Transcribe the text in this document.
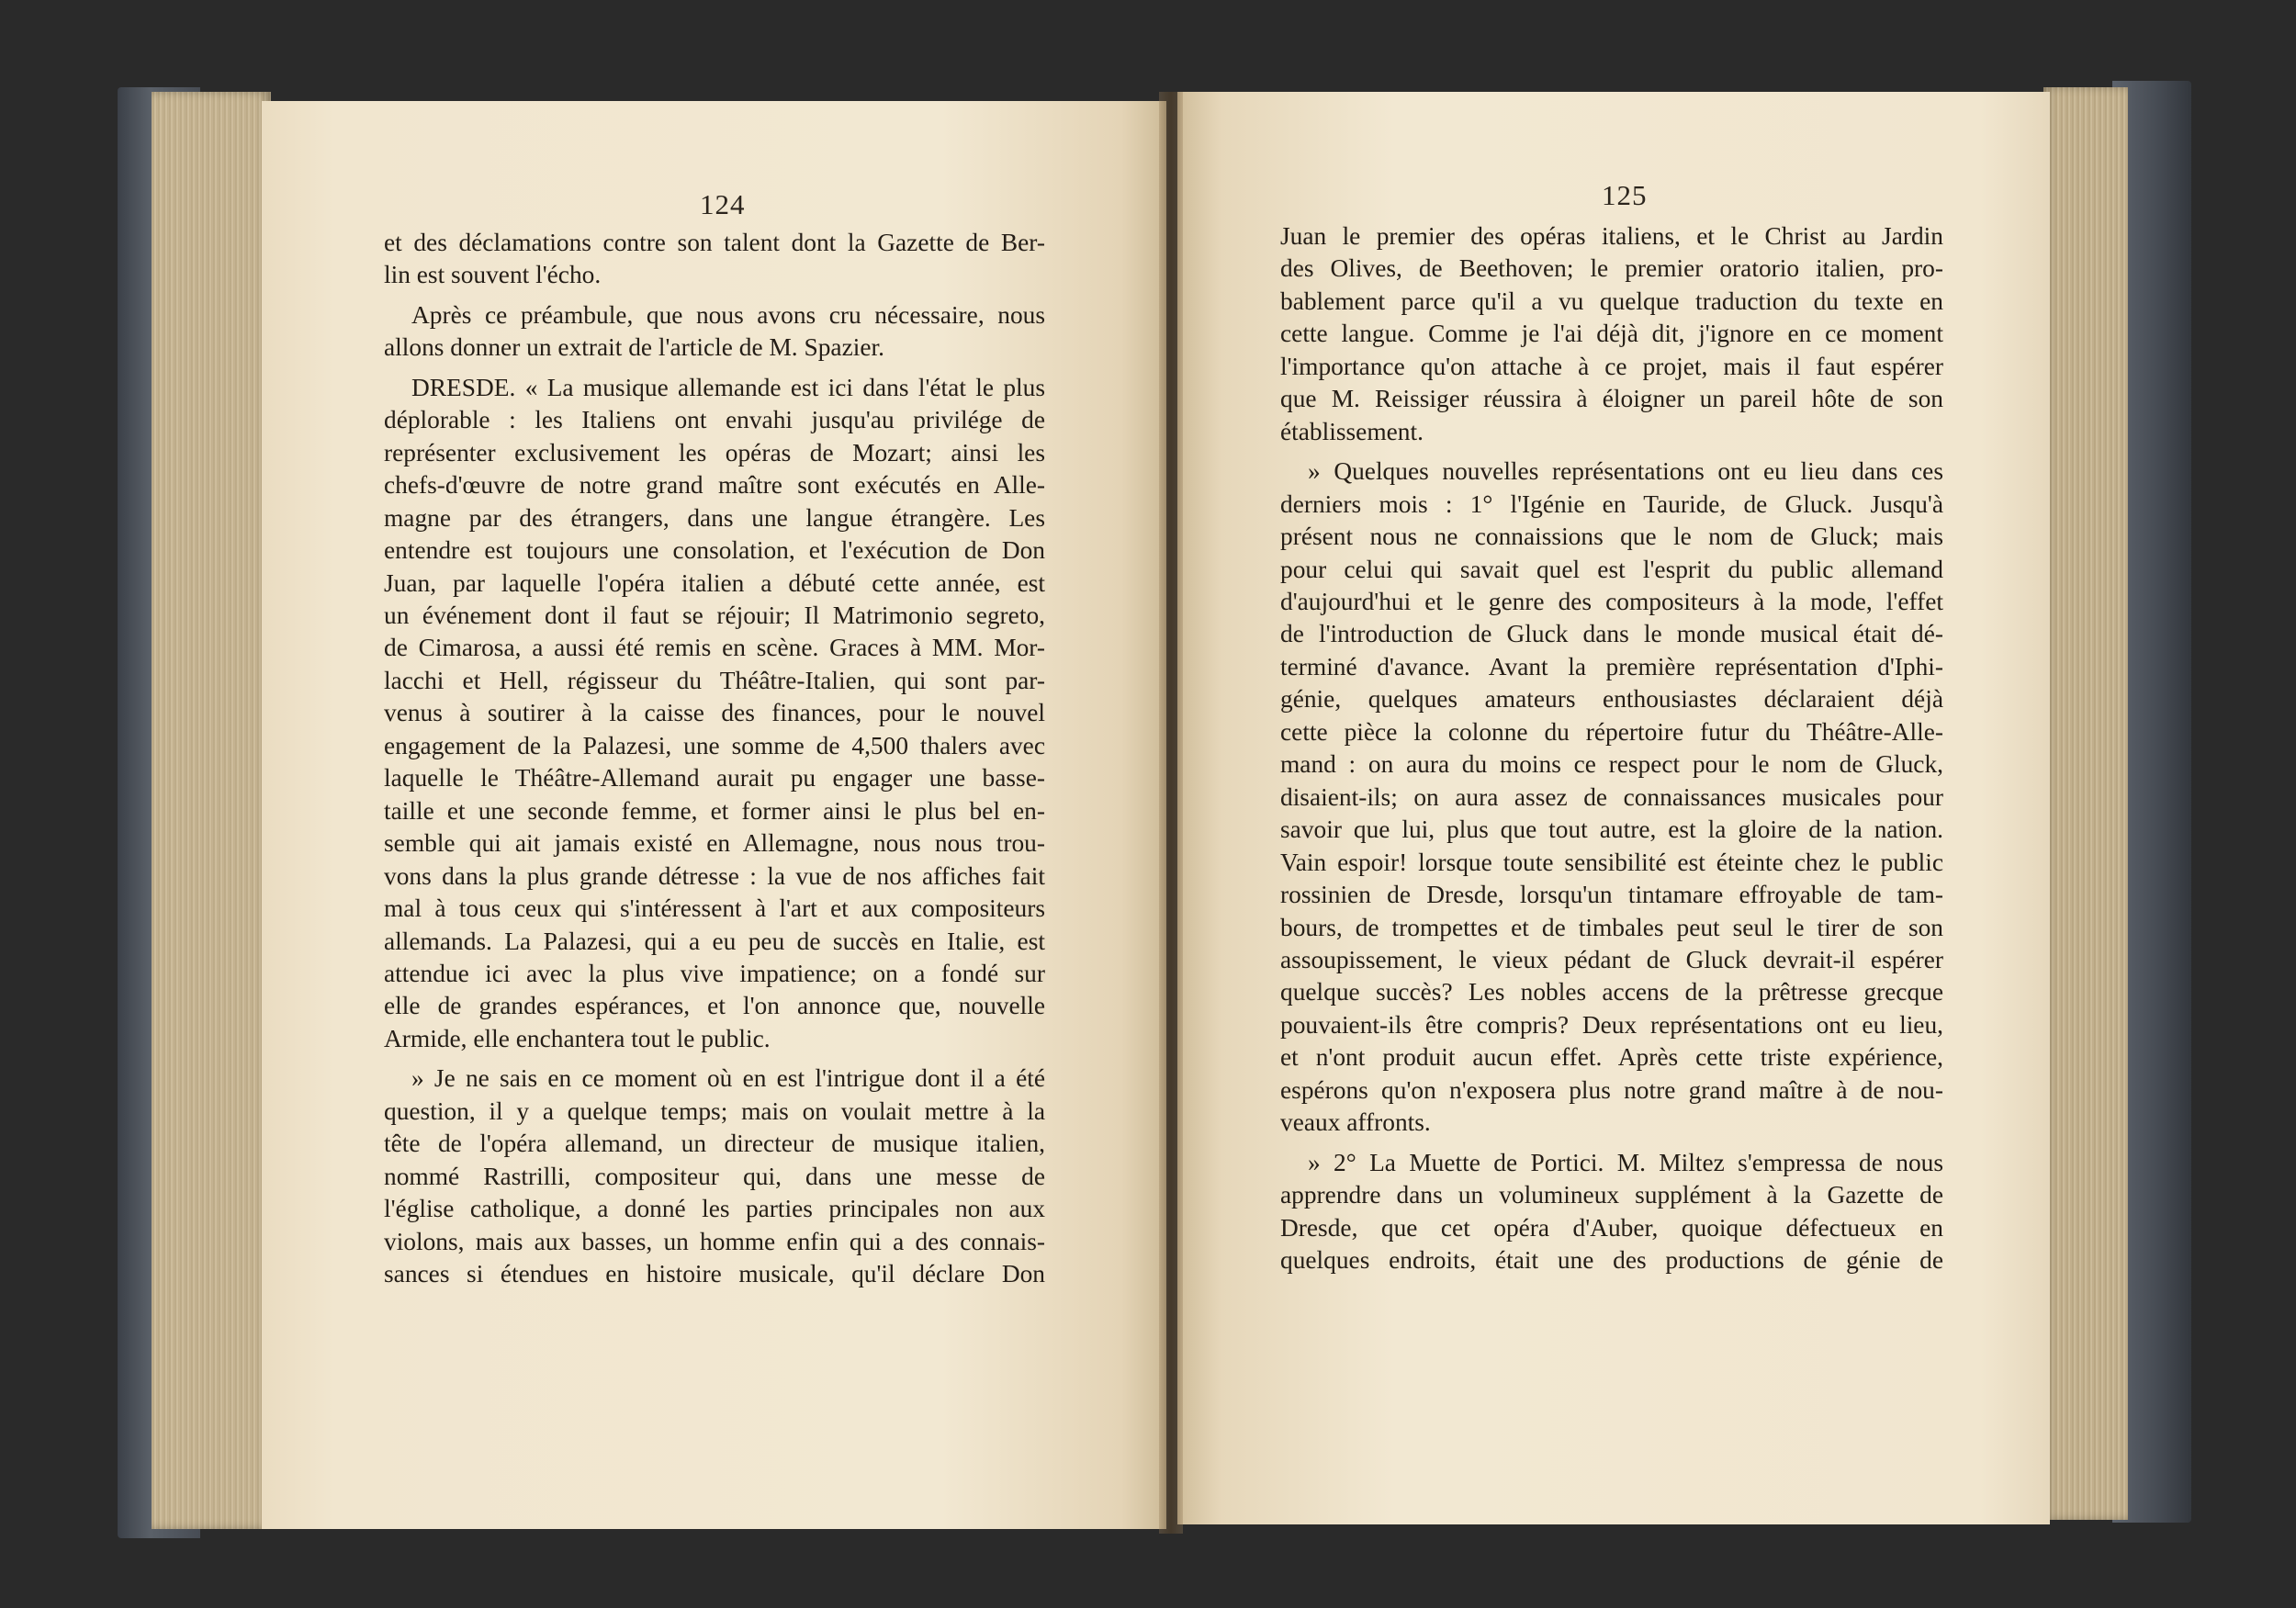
124	125
et des déclamations contre son talent dont la Gazette de Ber-
lin est souvent l'écho.
Après ce préambule, que nous avons cru nécessaire, nous
allons donner un extrait de l'article de M. Spazier.
DRESDE. « La musique allemande est ici dans l'état le plus
déplorable : les Italiens ont envahi jusqu'au privilége de
représenter exclusivement les opéras de Mozart; ainsi les
chefs-d'œuvre de notre grand maître sont exécutés en Alle-
magne par des étrangers, dans une langue étrangère. Les
entendre est toujours une consolation, et l'exécution de Don
Juan, par laquelle l'opéra italien a débuté cette année, est
un événement dont il faut se réjouir; Il Matrimonio segreto,
de Cimarosa, a aussi été remis en scène. Graces à MM. Mor-
lacchi et Hell, régisseur du Théâtre-Italien, qui sont par-
venus à soutirer à la caisse des finances, pour le nouvel
engagement de la Palazesi, une somme de 4,500 thalers avec
laquelle le Théâtre-Allemand aurait pu engager une basse-
taille et une seconde femme, et former ainsi le plus bel en-
semble qui ait jamais existé en Allemagne, nous nous trou-
vons dans la plus grande détresse : la vue de nos affiches fait
mal à tous ceux qui s'intéressent à l'art et aux compositeurs
allemands. La Palazesi, qui a eu peu de succès en Italie, est
attendue ici avec la plus vive impatience; on a fondé sur
elle de grandes espérances, et l'on annonce que, nouvelle
Armide, elle enchantera tout le public.
» Je ne sais en ce moment où en est l'intrigue dont il a été
question, il y a quelque temps; mais on voulait mettre à la
tête de l'opéra allemand, un directeur de musique italien,
nommé Rastrilli, compositeur qui, dans une messe de
l'église catholique, a donné les parties principales non aux
violons, mais aux basses, un homme enfin qui a des connais-
sances si étendues en histoire musicale, qu'il déclare Don
Juan le premier des opéras italiens, et le Christ au Jardin
des Olives, de Beethoven; le premier oratorio italien, pro-
bablement parce qu'il a vu quelque traduction du texte en
cette langue. Comme je l'ai déjà dit, j'ignore en ce moment
l'importance qu'on attache à ce projet, mais il faut espérer
que M. Reissiger réussira à éloigner un pareil hôte de son
établissement.
» Quelques nouvelles représentations ont eu lieu dans ces
derniers mois : 1° l'Igénie en Tauride, de Gluck. Jusqu'à
présent nous ne connaissions que le nom de Gluck; mais
pour celui qui savait quel est l'esprit du public allemand
d'aujourd'hui et le genre des compositeurs à la mode, l'effet
de l'introduction de Gluck dans le monde musical était dé-
terminé d'avance. Avant la première représentation d'Iphi-
génie, quelques amateurs enthousiastes déclaraient déjà
cette pièce la colonne du répertoire futur du Théâtre-Alle-
mand : on aura du moins ce respect pour le nom de Gluck,
disaient-ils; on aura assez de connaissances musicales pour
savoir que lui, plus que tout autre, est la gloire de la nation.
Vain espoir! lorsque toute sensibilité est éteinte chez le public
rossinien de Dresde, lorsqu'un tintamare effroyable de tam-
bours, de trompettes et de timbales peut seul le tirer de son
assoupissement, le vieux pédant de Gluck devrait-il espérer
quelque succès? Les nobles accens de la prêtresse grecque
pouvaient-ils être compris? Deux représentations ont eu lieu,
et n'ont produit aucun effet. Après cette triste expérience,
espérons qu'on n'exposera plus notre grand maître à de nou-
veaux affronts.
» 2° La Muette de Portici. M. Miltez s'empressa de nous
apprendre dans un volumineux supplément à la Gazette de
Dresde, que cet opéra d'Auber, quoique défectueux en
quelques endroits, était une des productions de génie de
